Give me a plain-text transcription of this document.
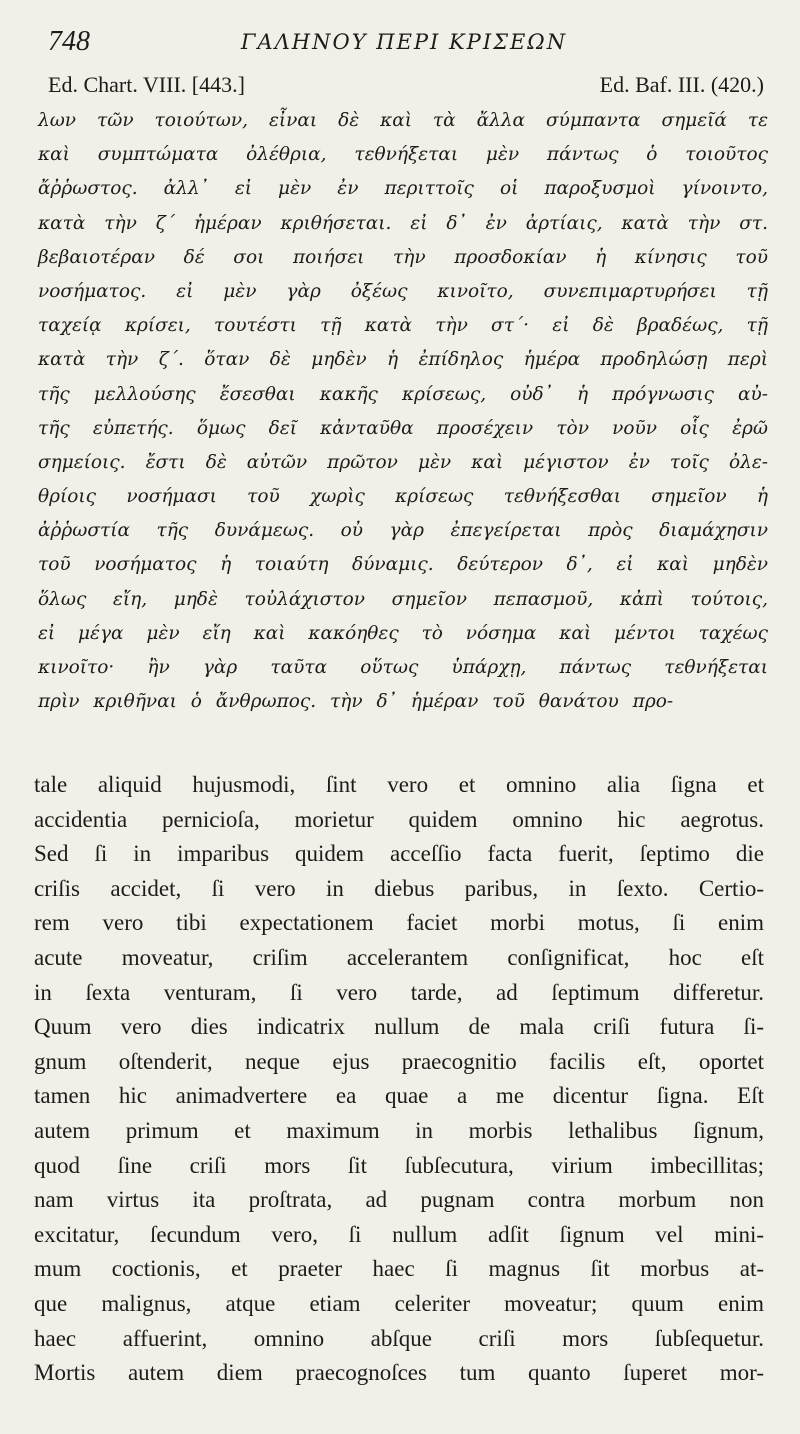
748	ΓΑΛΗΝΟΥ ΠΕΡΙ ΚΡΙΣΕΩΝ
Ed. Chart. VIII. [443.]	Ed. Baf. III. (420.)
λων τῶν τοιούτων, εἶναι δὲ καὶ τὰ ἄλλα σύμπαντα σημεῖά τε
καὶ συμπτώματα ὀλέθρια, τεθνήξεται μὲν πάντως ὁ τοιοῦτος
ἄῤῥωστος. ἀλλ᾽ εἰ μὲν ἐν περιττοῖς οἱ παροξυσμοὶ γίνοιντο,
κατὰ τὴν ζ΄ ἡμέραν κριθήσεται. εἰ δ᾽ ἐν ἀρτίαις, κατὰ τὴν στ.
βεβαιοτέραν δέ σοι ποιήσει τὴν προσδοκίαν ἡ κίνησις τοῦ
νοσήματος. εἰ μὲν γὰρ ὀξέως κινοῖτο, συνεπιμαρτυρήσει τῇ
ταχείᾳ κρίσει, τουτέστι τῇ κατὰ τὴν στ΄· εἰ δὲ βραδέως, τῇ
κατὰ τὴν ζ΄. ὅταν δὲ μηδὲν ἡ ἐπίδηλος ἡμέρα προδηλώσῃ περὶ
τῆς μελλούσης ἔσεσθαι κακῆς κρίσεως, οὐδ᾽ ἡ πρόγνωσις αὐ-
τῆς εὐπετής. ὅμως δεῖ κἀνταῦθα προσέχειν τὸν νοῦν οἷς ἐρῶ
σημείοις. ἔστι δὲ αὐτῶν πρῶτον μὲν καὶ μέγιστον ἐν τοῖς ὀλε-
θρίοις νοσήμασι τοῦ χωρὶς κρίσεως τεθνήξεσθαι σημεῖον ἡ
ἀῤῥωστία τῆς δυνάμεως. οὐ γὰρ ἐπεγείρεται πρὸς διαμάχησιν
τοῦ νοσήματος ἡ τοιαύτη δύναμις. δεύτερον δ᾽, εἰ καὶ μηδὲν
ὅλως εἴη, μηδὲ τοὐλάχιστον σημεῖον πεπασμοῦ, κἀπὶ τούτοις,
εἰ μέγα μὲν εἴη καὶ κακόηθες τὸ νόσημα καὶ μέντοι ταχέως
κινοῖτο· ἢν γὰρ ταῦτα οὕτως ὑπάρχῃ, πάντως τεθνήξεται
πρὶν κριθῆναι ὁ ἄνθρωπος. τὴν δ᾽ ἡμέραν τοῦ θανάτου προ-
tale aliquid hujusmodi, ſint vero et omnino alia ſigna et
accidentia pernicioſa, morietur quidem omnino hic aegrotus.
Sed ſi in imparibus quidem acceſſio facta fuerit, ſeptimo die
criſis accidet, ſi vero in diebus paribus, in ſexto. Certio-
rem vero tibi expectationem faciet morbi motus, ſi enim
acute moveatur, criſim accelerantem conſignificat, hoc eſt
in ſexta venturam, ſi vero tarde, ad ſeptimum differetur.
Quum vero dies indicatrix nullum de mala criſi futura ſi-
gnum oſtenderit, neque ejus praecognitio facilis eſt, oportet
tamen hic animadvertere ea quae a me dicentur ſigna. Eſt
autem primum et maximum in morbis lethalibus ſignum,
quod ſine criſi mors ſit ſubſecutura, virium imbecillitas;
nam virtus ita proſtrata, ad pugnam contra morbum non
excitatur, ſecundum vero, ſi nullum adſit ſignum vel mini-
mum coctionis, et praeter haec ſi magnus ſit morbus at-
que malignus, atque etiam celeriter moveatur; quum enim
haec affuerint, omnino abſque criſi mors ſubſequetur.
Mortis autem diem praecognoſces tum quanto ſuperet mor-
